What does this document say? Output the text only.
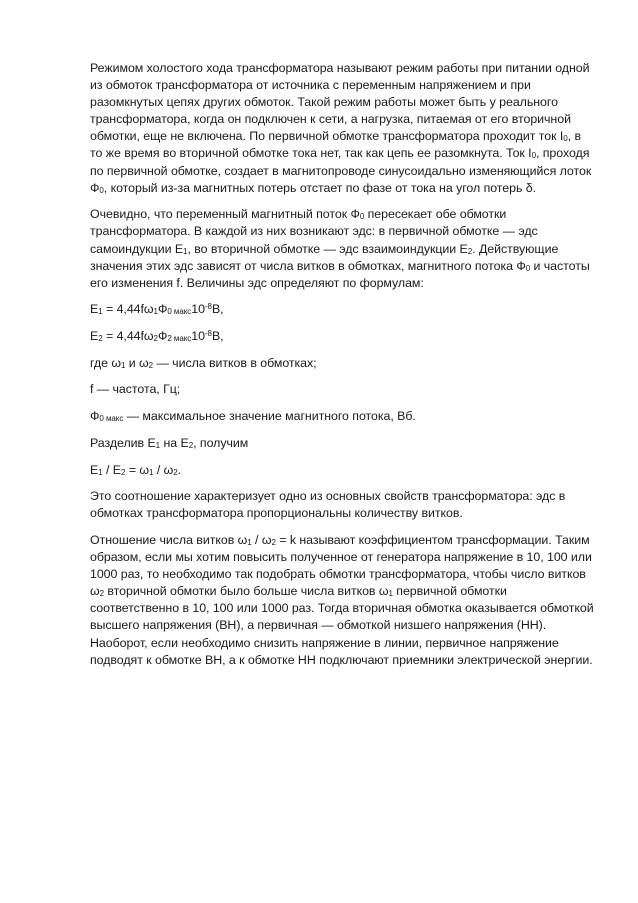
Режимом холостого хода трансформатора называют режим работы при питании одной из обмоток трансформатора от источника с переменным напряжением и при разомкнутых цепях других обмоток. Такой режим работы может быть у реального трансформатора, когда он подключен к сети, а нагрузка, питаемая от его вторичной обмотки, еще не включена. По первичной обмотке трансформатора проходит ток I0, в то же время во вторичной обмотке тока нет, так как цепь ее разомкнута. Ток I0, проходя по первичной обмотке, создает в магнитопроводе синусоидально изменяющийся лоток Ф0, который из-за магнитных потерь отстает по фазе от тока на угол потерь δ.

Очевидно, что переменный магнитный поток Ф0 пересекает обе обмотки трансформатора. В каждой из них возникают эдс: в первичной обмотке — эдс самоиндукции Е1, во вторичной обмотке — эдс взаимоиндукции Е2. Действующие значения этих эдс зависят от числа витков в обмотках, магнитного потока Ф0 и частоты его изменения f. Величины эдс определяют по формулам:

Е1 = 4,44fω1Ф0 $макс10^{-8}В$,

Е2 = 4,44fω2Ф2 $макс10^{-8}В$,

где ω1 и ω2 — числа витков в обмотках;

f — частота, Гц;

Ф0 макс — максимальное значение магнитного потока, Вб.

Разделив Е1 на Е2, получим

Е1 / Е2 = ω1 / ω2.

Это соотношение характеризует одно из основных свойств трансформатора: эдс в обмотках трансформатора пропорциональны количеству витков.

Отношение числа витков ω1 / ω2 = k называют коэффициентом трансформации. Таким образом, если мы хотим повысить полученное от генератора напряжение в 10, 100 или 1000 раз, то необходимо так подобрать обмотки трансформатора, чтобы число витков ω2 вторичной обмотки было больше числа витков ω1 первичной обмотки соответственно в 10, 100 или 1000 раз. Тогда вторичная обмотка оказывается обмоткой высшего напряжения (ВН), а первичная — обмоткой низшего напряжения (НН). Наоборот, если необходимо снизить напряжение в линии, первичное напряжение подводят к обмотке ВН, а к обмотке НН подключают приемники электрической энергии.
